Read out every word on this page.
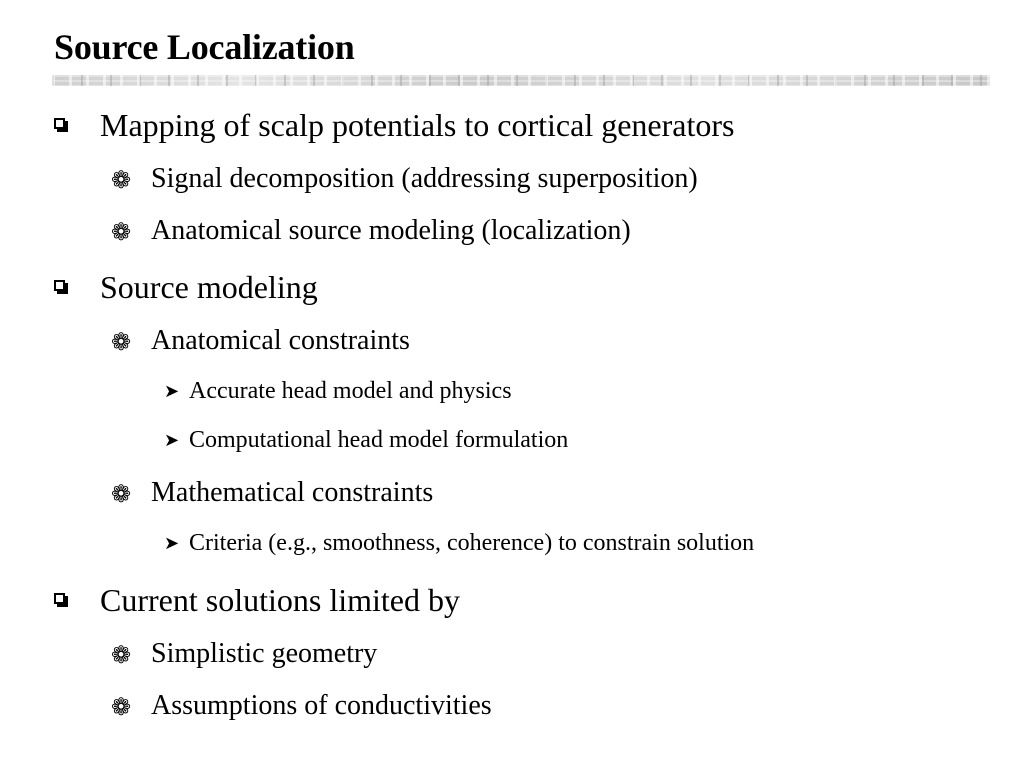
Source Localization
Mapping of scalp potentials to cortical generators
❁ Signal decomposition (addressing superposition)
❁ Anatomical source modeling (localization)
Source modeling
❁ Anatomical constraints
➤ Accurate head model and physics
➤ Computational head model formulation
❁ Mathematical constraints
➤ Criteria (e.g., smoothness, coherence) to constrain solution
Current solutions limited by
❁ Simplistic geometry
❁ Assumptions of conductivities
